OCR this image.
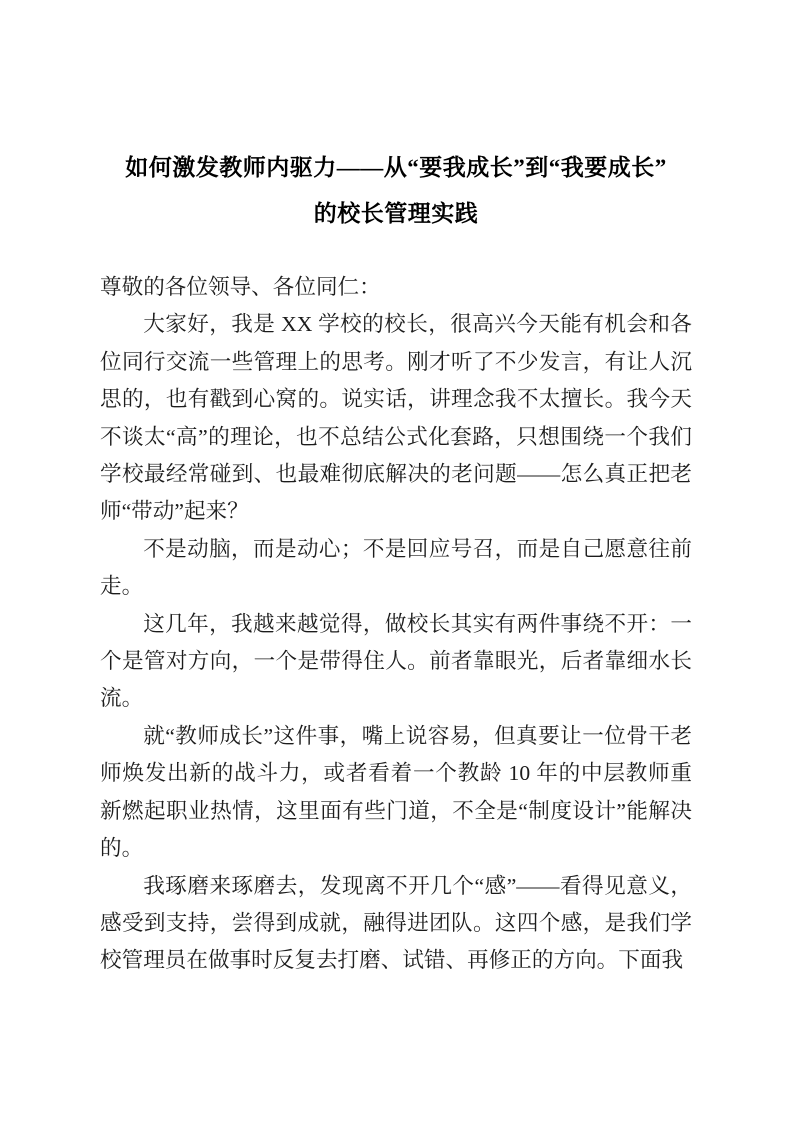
如何激发教师内驱力——从“要我成长”到“我要成长”
的校长管理实践

尊敬的各位领导、各位同仁：

大家好，我是 XX 学校的校长，很高兴今天能有机会和各位同行交流一些管理上的思考。刚才听了不少发言，有让人沉思的，也有戳到心窝的。说实话，讲理念我不太擅长。我今天不谈太“高”的理论，也不总结公式化套路，只想围绕一个我们学校最经常碰到、也最难彻底解决的老问题——怎么真正把老师“带动”起来？

不是动脑，而是动心；不是回应号召，而是自己愿意往前走。

这几年，我越来越觉得，做校长其实有两件事绕不开：一个是管对方向，一个是带得住人。前者靠眼光，后者靠细水长流。

就“教师成长”这件事，嘴上说容易，但真要让一位骨干老师焕发出新的战斗力，或者看着一个教龄 10 年的中层教师重新燃起职业热情，这里面有些门道，不全是“制度设计”能解决的。

我琢磨来琢磨去，发现离不开几个“感”——看得见意义，感受到支持，尝得到成就，融得进团队。这四个感，是我们学校管理员在做事时反复去打磨、试错、再修正的方向。下面我
